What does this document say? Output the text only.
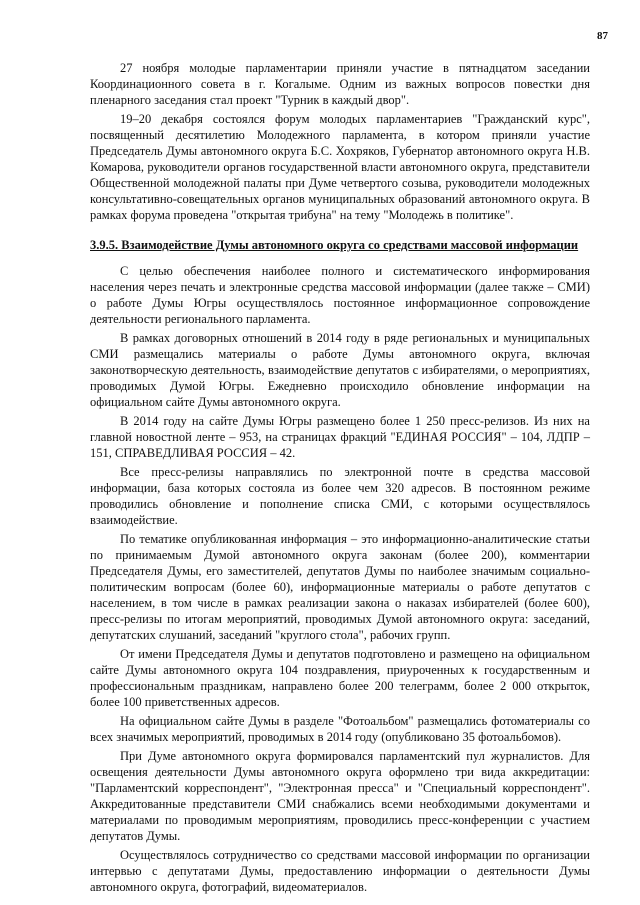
87

27 ноября молодые парламентарии приняли участие в пятнадцатом заседании Координационного совета в г. Когалыме. Одним из важных вопросов повестки дня пленарного заседания стал проект "Турник в каждый двор".

19–20 декабря состоялся форум молодых парламентариев "Гражданский курс", посвященный десятилетию Молодежного парламента, в котором приняли участие Председатель Думы автономного округа Б.С. Хохряков, Губернатор автономного округа Н.В. Комарова, руководители органов государственной власти автономного округа, представители Общественной молодежной палаты при Думе четвертого созыва, руководители молодежных консультативно-совещательных органов муниципальных образований автономного округа. В рамках форума проведена "открытая трибуна" на тему "Молодежь в политике".

3.9.5. Взаимодействие Думы автономного округа со средствами массовой информации

С целью обеспечения наиболее полного и систематического информирования населения через печать и электронные средства массовой информации (далее также – СМИ) о работе Думы Югры осуществлялось постоянное информационное сопровождение деятельности регионального парламента.

В рамках договорных отношений в 2014 году в ряде региональных и муниципальных СМИ размещались материалы о работе Думы автономного округа, включая законотворческую деятельность, взаимодействие депутатов с избирателями, о мероприятиях, проводимых Думой Югры. Ежедневно происходило обновление информации на официальном сайте Думы автономного округа.

В 2014 году на сайте Думы Югры размещено более 1 250 пресс-релизов. Из них на главной новостной ленте – 953, на страницах фракций "ЕДИНАЯ РОССИЯ" – 104, ЛДПР – 151, СПРАВЕДЛИВАЯ РОССИЯ – 42.

Все пресс-релизы направлялись по электронной почте в средства массовой информации, база которых состояла из более чем 320 адресов. В постоянном режиме проводились обновление и пополнение списка СМИ, с которыми осуществлялось взаимодействие.

По тематике опубликованная информация – это информационно-аналитические статьи по принимаемым Думой автономного округа законам (более 200), комментарии Председателя Думы, его заместителей, депутатов Думы по наиболее значимым социально-политическим вопросам (более 60), информационные материалы о работе депутатов с населением, в том числе в рамках реализации закона о наказах избирателей (более 600), пресс-релизы по итогам мероприятий, проводимых Думой автономного округа: заседаний, депутатских слушаний, заседаний "круглого стола", рабочих групп.

От имени Председателя Думы и депутатов подготовлено и размещено на официальном сайте Думы автономного округа 104 поздравления, приуроченных к государственным и профессиональным праздникам, направлено более 200 телеграмм, более 2 000 открыток, более 100 приветственных адресов.

На официальном сайте Думы в разделе "Фотоальбом" размещались фотоматериалы со всех значимых мероприятий, проводимых в 2014 году (опубликовано 35 фотоальбомов).

При Думе автономного округа формировался парламентский пул журналистов. Для освещения деятельности Думы автономного округа оформлено три вида аккредитации: "Парламентский корреспондент", "Электронная пресса" и "Специальный корреспондент". Аккредитованные представители СМИ снабжались всеми необходимыми документами и материалами по проводимым мероприятиям, проводились пресс-конференции с участием депутатов Думы.

Осуществлялось сотрудничество со средствами массовой информации по организации интервью с депутатами Думы, предоставлению информации о деятельности Думы автономного округа, фотографий, видеоматериалов.
